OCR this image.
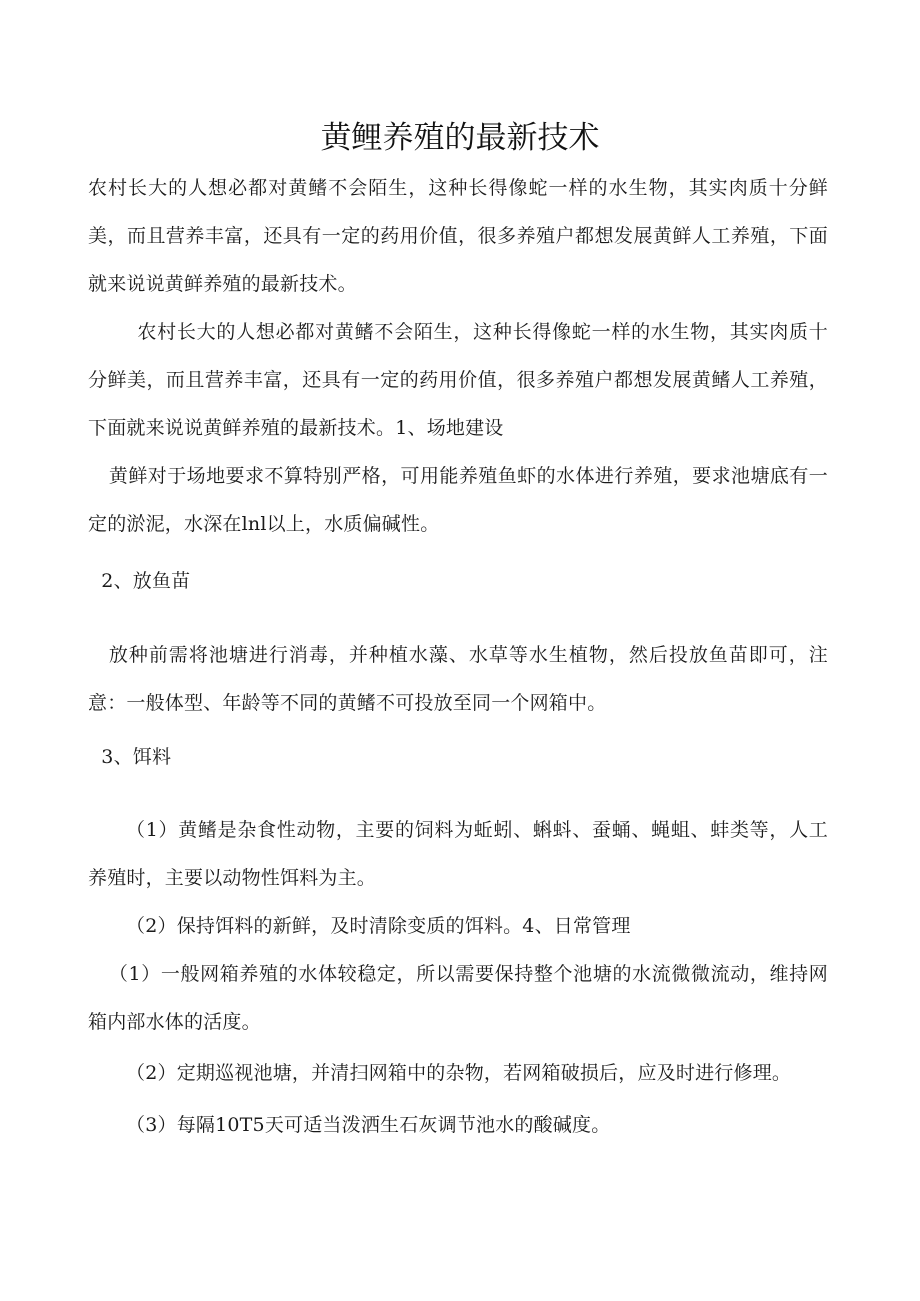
黄鲤养殖的最新技术

农村长大的人想必都对黄鳍不会陌生，这种长得像蛇一样的水生物，其实肉质十分鲜美，而且营养丰富，还具有一定的药用价值，很多养殖户都想发展黄鲜人工养殖，下面就来说说黄鲜养殖的最新技术。

农村长大的人想必都对黄鳍不会陌生，这种长得像蛇一样的水生物，其实肉质十分鲜美，而且营养丰富，还具有一定的药用价值，很多养殖户都想发展黄鳍人工养殖，下面就来说说黄鲜养殖的最新技术。1、场地建设

黄鲜对于场地要求不算特别严格，可用能养殖鱼虾的水体进行养殖，要求池塘底有一定的淤泥，水深在lnl以上，水质偏碱性。

2、放鱼苗

放种前需将池塘进行消毒，并种植水藻、水草等水生植物，然后投放鱼苗即可，注意：一般体型、年龄等不同的黄鳍不可投放至同一个网箱中。

3、饵料

（1）黄鳍是杂食性动物，主要的饲料为蚯蚓、蝌蚪、蚕蛹、蝇蛆、蚌类等，人工养殖时，主要以动物性饵料为主。

（2）保持饵料的新鲜，及时清除变质的饵料。4、日常管理

（1）一般网箱养殖的水体较稳定，所以需要保持整个池塘的水流微微流动，维持网箱内部水体的活度。

（2）定期巡视池塘，并清扫网箱中的杂物，若网箱破损后，应及时进行修理。

（3）每隔10T5天可适当泼洒生石灰调节池水的酸碱度。
